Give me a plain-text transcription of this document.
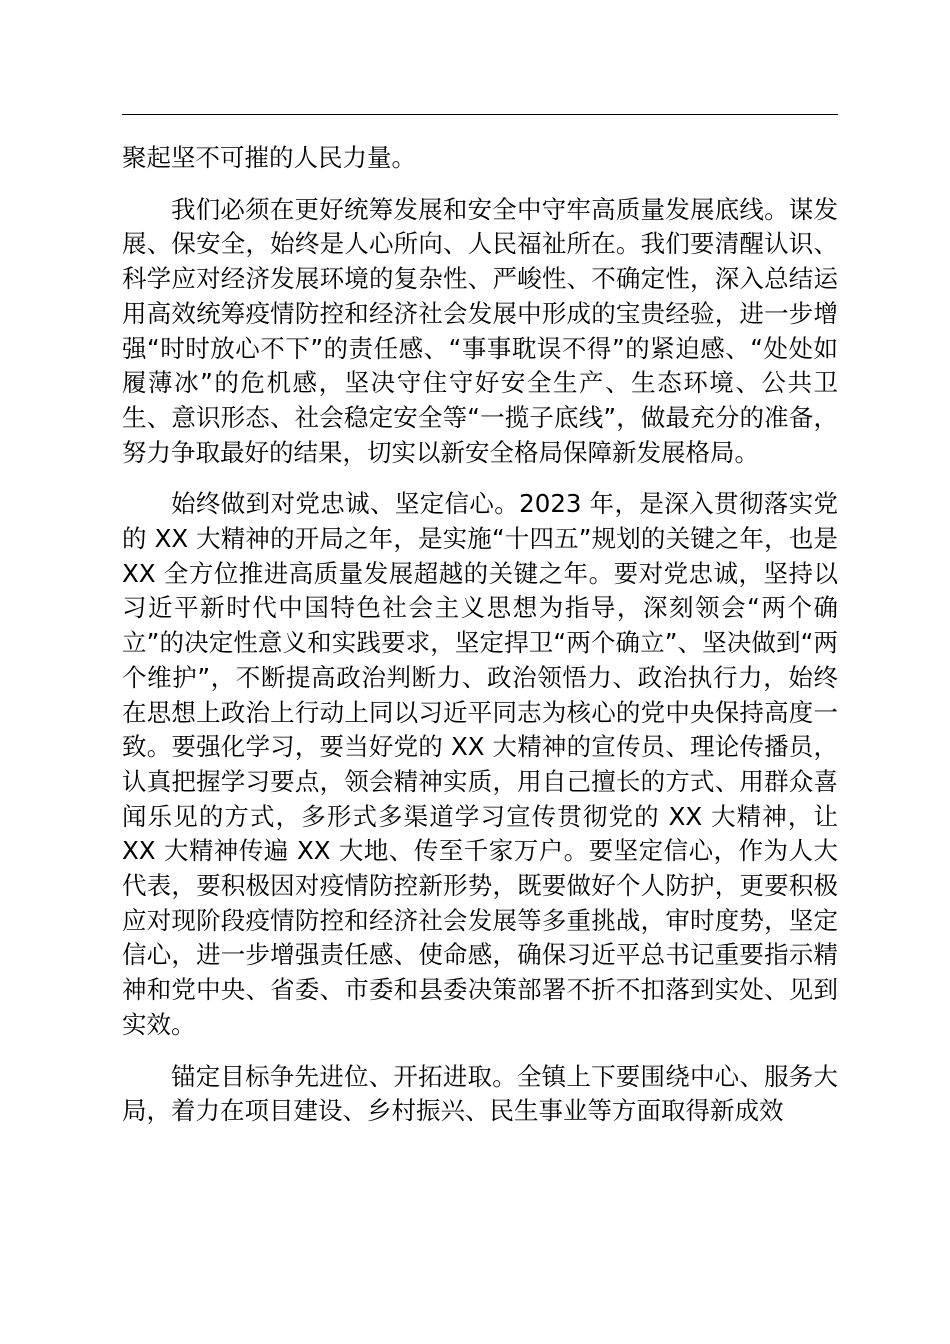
聚起坚不可摧的人民力量。

我们必须在更好统筹发展和安全中守牢高质量发展底线。谋发展、保安全，始终是人心所向、人民福祉所在。我们要清醒认识、科学应对经济发展环境的复杂性、严峻性、不确定性，深入总结运用高效统筹疫情防控和经济社会发展中形成的宝贵经验，进一步增强“时时放心不下”的责任感、“事事耽误不得”的紧迫感、“处处如履薄冰”的危机感，坚决守住守好安全生产、生态环境、公共卫生、意识形态、社会稳定安全等“一揽子底线”，做最充分的准备，努力争取最好的结果，切实以新安全格局保障新发展格局。

始终做到对党忠诚、坚定信心。2023 年，是深入贯彻落实党的 XX 大精神的开局之年，是实施“十四五”规划的关键之年，也是 XX 全方位推进高质量发展超越的关键之年。要对党忠诚，坚持以习近平新时代中国特色社会主义思想为指导，深刻领会“两个确立”的决定性意义和实践要求，坚定捍卫“两个确立”、坚决做到“两个维护”，不断提高政治判断力、政治领悟力、政治执行力，始终在思想上政治上行动上同以习近平同志为核心的党中央保持高度一致。要强化学习，要当好党的 XX 大精神的宣传员、理论传播员，认真把握学习要点，领会精神实质，用自己擅长的方式、用群众喜闻乐见的方式，多形式多渠道学习宣传贯彻党的 XX 大精神，让 XX 大精神传遍 XX 大地、传至千家万户。要坚定信心，作为人大代表，要积极因对疫情防控新形势，既要做好个人防护，更要积极应对现阶段疫情防控和经济社会发展等多重挑战，审时度势，坚定信心，进一步增强责任感、使命感，确保习近平总书记重要指示精神和党中央、省委、市委和县委决策部署不折不扣落到实处、见到实效。

锚定目标争先进位、开拓进取。全镇上下要围绕中心、服务大局，着力在项目建设、乡村振兴、民生事业等方面取得新成效
